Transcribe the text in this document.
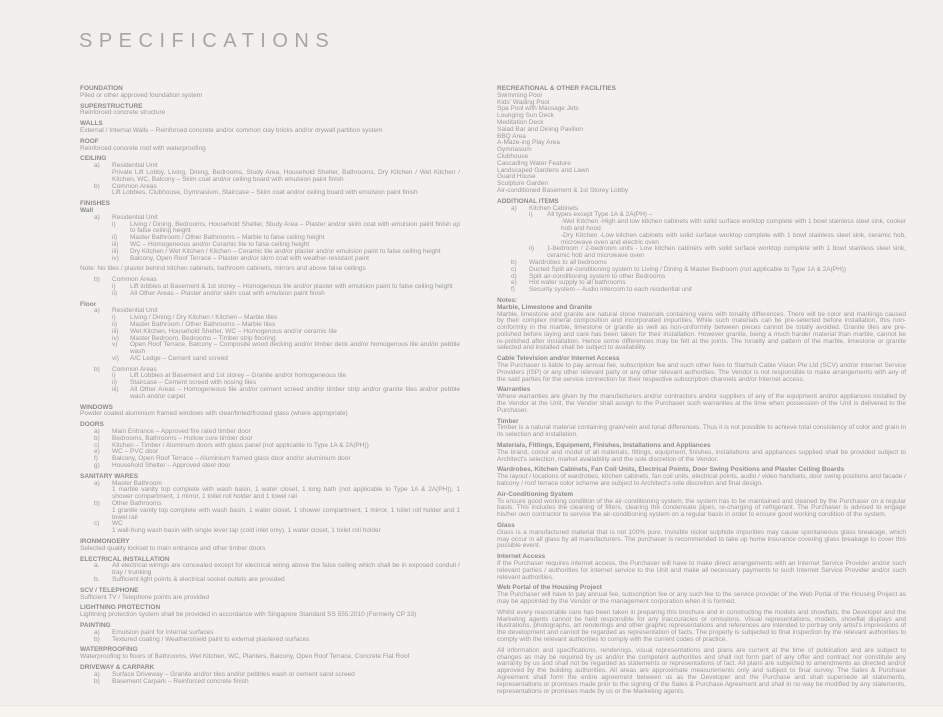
SPECIFICATIONS
FOUNDATION
Piled or other approved foundation system
SUPERSTRUCTURE
Reinforced concrete structure
WALLS
External / Internal Walls – Reinforced concrete and/or common clay bricks and/or drywall partition system
ROOF
Reinforced concrete roof with waterproofing
CEILING
a) Residential Unit
Private Lift Lobby, Living, Dining, Bedrooms, Study Area, Household Shelter, Bathrooms, Dry Kitchen / Wet Kitchen / Kitchen, WC, Balcony – Skim coat and/or ceiling board with emulsion paint finish
b) Common Areas
Lift Lobbies, Clubhouse, Gymnasium, Staircase – Skim coat and/or ceiling board with emulsion paint finish
FINISHES
Wall
a) Residential Unit
i) Living / Dining, Bedrooms, Household Shelter, Study Area – Plaster and/or skim coat with emulsion paint finish up to false ceiling height
ii) Master Bathroom / Other Bathrooms – Marble to false ceiling height
iii) WC – Homogeneous and/or Ceramic tile to false ceiling height
iii) Dry Kitchen / Wet Kitchen / Kitchen – Ceramic tile and/or plaster and/or emulsion paint to false ceiling height
iv) Balcony, Open Roof Terrace – Plaster and/or skim coat with weather-resistant paint
Note: No tiles / plaster behind kitchen cabinets, bathroom cabinets, mirrors and above false ceilings
b) Common Areas
i) Lift lobbies at Basement & 1st storey – Homogenous tile and/or plaster with emulsion paint to false ceiling height
ii) All Other Areas – Plaster and/or skim coat with emulsion paint finish
Floor
a) Residential Unit
i) Living / Dining / Dry Kitchen / Kitchen – Marble tiles
ii) Master Bathroom / Other Bathrooms – Marble tiles
iii) Wet Kitchen, Household Shelter, WC – Homogenous and/or ceramic tile
iv) Master Bedroom, Bedrooms – Timber strip flooring
v) Open Roof Terrace, Balcony – Composite wood decking and/or timber deck and/or homogenous tile and/or pebble wash
vi) A/C Ledge – Cement sand screed
b) Common Areas
i) Lift Lobbies at Basement and 1st storey – Granite and/or homogeneous tile
ii) Staircase – Cement screed with nosing tiles
iii) All Other Areas – Homogeneous tile and/or cement screed and/or timber strip and/or granite tiles and/or pebble wash and/or carpet
WINDOWS
Powder coated aluminium framed windows with clear/tinted/frosted glass (where appropriate)
DOORS
a) Main Entrance – Approved fire rated timber door
b) Bedrooms, Bathrooms – Hollow core timber door
c) Kitchen – Timber / Aluminum doors with glass panel (not applicable to Type 1A & 2A(PH))
e) WC – PVC door
f) Balcony, Open Roof Terrace – Aluminium framed glass door and/or aluminium door
g) Household Shelter – Approved steel door
SANITARY WARES
a) Master Bathroom
1 marble vanity top complete with wash basin, 1 water closet, 1 long bath (not applicable to Type 1A & 2A(PH)), 1 shower compartment, 1 mirror, 1 toilet roll holder and 1 towel rail
b) Other Bathrooms
1 granite vanity top complete with wash basin, 1 water closet, 1 shower compartment, 1 mirror, 1 toilet roll holder and 1 towel rail
c) WC
1 wall-hung wash basin with single lever tap (cold inlet only), 1 water closet, 1 toilet roll holder
IRONMONGERY
Selected quality lockset to main entrance and other timber doors
ELECTRICAL INSTALLATION
a. All electrical wirings are concealed except for electrical wiring above the false ceiling which shall be in exposed conduit / tray / trunking
b. Sufficient light points & electrical socket outlets are provided
SCV / TELEPHONE
Sufficient TV / Telephone points are provided
LIGHTNING PROTECTION
Lightning protection system shall be provided in accordance with Singapore Standard SS 555:2010 (Formerly CP 33)
PAINTING
a) Emulsion paint for internal surfaces
b) Textured coating / Weathershield paint to external plastered surfaces
WATERPROOFING
Waterproofing to floors of Bathrooms, Wet Kitchen, WC, Planters, Balcony, Open Roof Terrace, Concrete Flat Roof
DRIVEWAY & CARPARK
a) Surface Driveway – Granite and/or tiles and/or pebbles wash or cement sand screed
b) Basement Carpark – Reinforced concrete finish
RECREATIONAL & OTHER FACILITIES
Swimming Pool
Kids' Wading Pool
Spa Pool with Massage Jets
Lounging Sun Deck
Meditation Deck
Salad Bar and Dining Pavilion
BBQ Area
A-Maze-ing Play Area
Gymnasium
Clubhouse
Cascading Water Feature
Landscaped Gardens and Lawn
Guard House
Sculpture Garden
Air-conditioned Basement & 1st Storey Lobby
ADDITIONAL ITEMS
a) Kitchen Cabinets
i) All types except Type 1A & 2A(PH) –
-Wet Kitchen -High and low kitchen cabinets with solid surface worktop complete with 1 bowl stainless steel sink, cooker hob and hood
-Dry Kitchen -Low kitchen cabinets with solid surface worktop complete with 1 bowl stainless steel sink, ceramic hob, microwave oven and electric oven
ii) 1-bedroom / 2-bedroom units - Low kitchen cabinets with solid surface worktop complete with 1 bowl stainless steel sink, ceramic hob and microwave oven
b) Wardrobes to all bedrooms
c) Ducted Split air-conditioning system to Living / Dining & Master Bedroom (not applicable to Type 1A & 2A(PH))
d) Split air-conditioning system to other Bedrooms
e) Hot water supply to all bathrooms
f) Security system – Audio intercom to each residential unit
Notes:
Marble, Limestone and Granite
Marble, limestone and granite are natural stone materials containing veins with tonality differences. There will be color and markings caused by their complex mineral composition and incorporated impurities. While such materials can be pre-selected before installation, this non-conformity in the marble, limestone or granite as well as non-uniformity between pieces cannot be totally avoided. Granite tiles are pre-polished before laying and care has been taken for their installation. However granite, being a much harder material than marble, cannot be re-polished after installation. Hence some differences may be felt at the joints. The tonality and pattern of the marble, limestone or granite selected and installed shall be subject to availability.
Cable Television and/or Internet Access
The Purchaser is liable to pay annual fee, subscription fee and such other fees to Starhub Cable Vision Pte Ltd (SCV) and/or Internet Service Providers (ISP) or any other relevant party or any other relevant authorities. The Vendor is not responsible to make arrangements with any of the said parties for the service connection for their respective subscription channels and/or Internet access.
Warranties
Where warranties are given by the manufacturers and/or contractors and/or suppliers of any of the equipment and/or appliances installed by the Vendor at the Unit, the Vendor shall assign to the Purchaser such warranties at the time when possession of the Unit is delivered to the Purchaser.
Timber
Timber is a natural material containing grain/vein and tonal differences. Thus it is not possible to achieve total consistency of color and grain in its selection and installation.
Materials, Fittings, Equipment, Finishes, Installations and Appliances
The brand, colour and model of all materials, fittings, equipment, finishes, installations and appliances supplied shall be provided subject to Architect's selection, market availability and the sole discretion of the Vendor.
Wardrobes, Kitchen Cabinets, Fan Coil Units, Electrical Points, Door Swing Positions and Plaster Ceiling Boards
The layout / locations of wardrobes, kitchen cabinets, fan coil units, electrical points, audio / video handsets, door swing positions and facade / balcony / roof terrace color scheme are subject to Architect's sole discretion and final design.
Air-Conditioning System
To ensure good working condition of the air-conditioning system, the system has to be maintained and cleaned by the Purchaser on a regular basis. This includes the cleaning of filters, clearing the condensate pipes, re-charging of refrigerant. The Purchaser is advised to engage his/her own contractor to service the air-conditioning system on a regular basis in order to ensure good working condition of the system.
Glass
Glass is a manufactured material that is not 100% pure. Invisible nickel sulphide impurities may cause spontaneous glass breakage, which may occur in all glass by all manufacturers. The purchaser is recommended to take up home insurance covering glass breakage to cover this possible event.
Internet Access
If the Purchaser requires internet access, the Purchaser will have to make direct arrangements with an Internet Service Provider and/or such relevant parties / authorities for internet service to the Unit and make all necessary payments to such Internet Service Provider and/or such relevant authorities.
Web Portal of the Housing Project
The Purchaser will have to pay annual fee, subscription fee or any such fee to the service provider of the Web Portal of the Housing Project as may be appointed by the Vendor or the management corporation when it is formed.
Whilst every reasonable care has been taken in preparing this brochure and in constructing the models and showflats, the Developer and the Marketing agents cannot be held responsible for any inaccuracies or omissions. Visual representations, models, showflat displays and illustrations, photographs, art renderings and other graphic representations and references are intended to portray only artist's impressions of the development and cannot be regarded as representation of facts. The property is subjected to final inspection by the relevant authorities to comply with the relevant authorities to comply with the current codes of practice.
All information and specifications, renderings, visual representations and plans are current at the time of publication and are subject to changes as may be required by us and/or the competent authorities and shall not form part of any offer and contract nor constitute any warranty by us and shall not be regarded as statements or representations of fact. All plans are subjected to amendments as directed and/or approved by the building authorities. All areas are approximate measurements only and subject to final survey. The Sales & Purchase Agreement shall form the entire agreement between us as the Developer and the Purchase and shall supersede all statements, representations or promises made prior to the signing of the Sales & Purchase Agreement and shall in no way be modified by any statements, representations or promises made by us or the Marketing agents.
